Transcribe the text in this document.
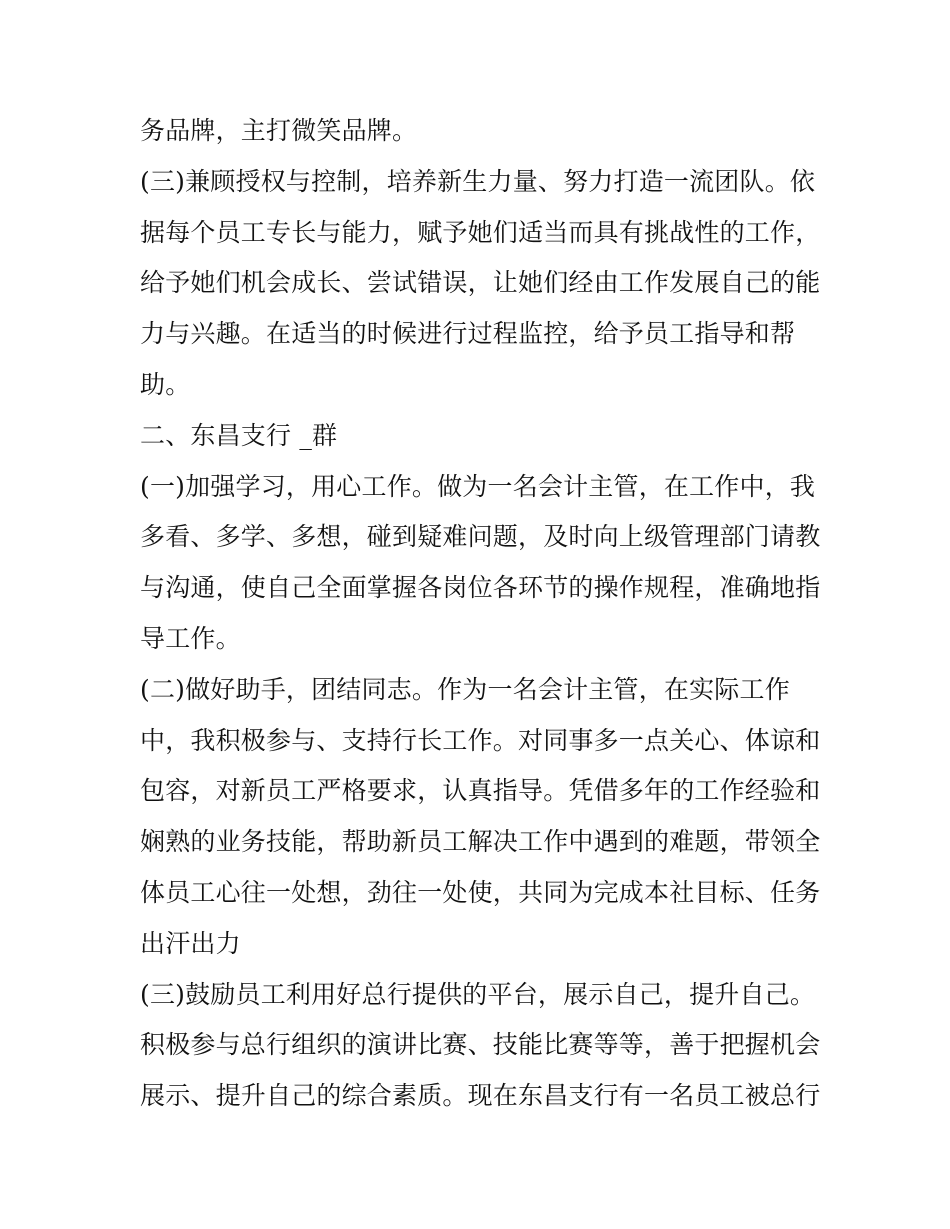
务品牌，主打微笑品牌。
(三)兼顾授权与控制，培养新生力量、努力打造一流团队。依
据每个员工专长与能力，赋予她们适当而具有挑战性的工作，
给予她们机会成长、尝试错误，让她们经由工作发展自己的能
力与兴趣。在适当的时候进行过程监控，给予员工指导和帮
助。
二、东昌支行 _群
(一)加强学习，用心工作。做为一名会计主管，在工作中，我
多看、多学、多想，碰到疑难问题，及时向上级管理部门请教
与沟通，使自己全面掌握各岗位各环节的操作规程，准确地指
导工作。
(二)做好助手，团结同志。作为一名会计主管，在实际工作
中，我积极参与、支持行长工作。对同事多一点关心、体谅和
包容，对新员工严格要求，认真指导。凭借多年的工作经验和
娴熟的业务技能，帮助新员工解决工作中遇到的难题，带领全
体员工心往一处想，劲往一处使，共同为完成本社目标、任务
出汗出力
(三)鼓励员工利用好总行提供的平台，展示自己，提升自己。
积极参与总行组织的演讲比赛、技能比赛等等，善于把握机会
展示、提升自己的综合素质。现在东昌支行有一名员工被总行
